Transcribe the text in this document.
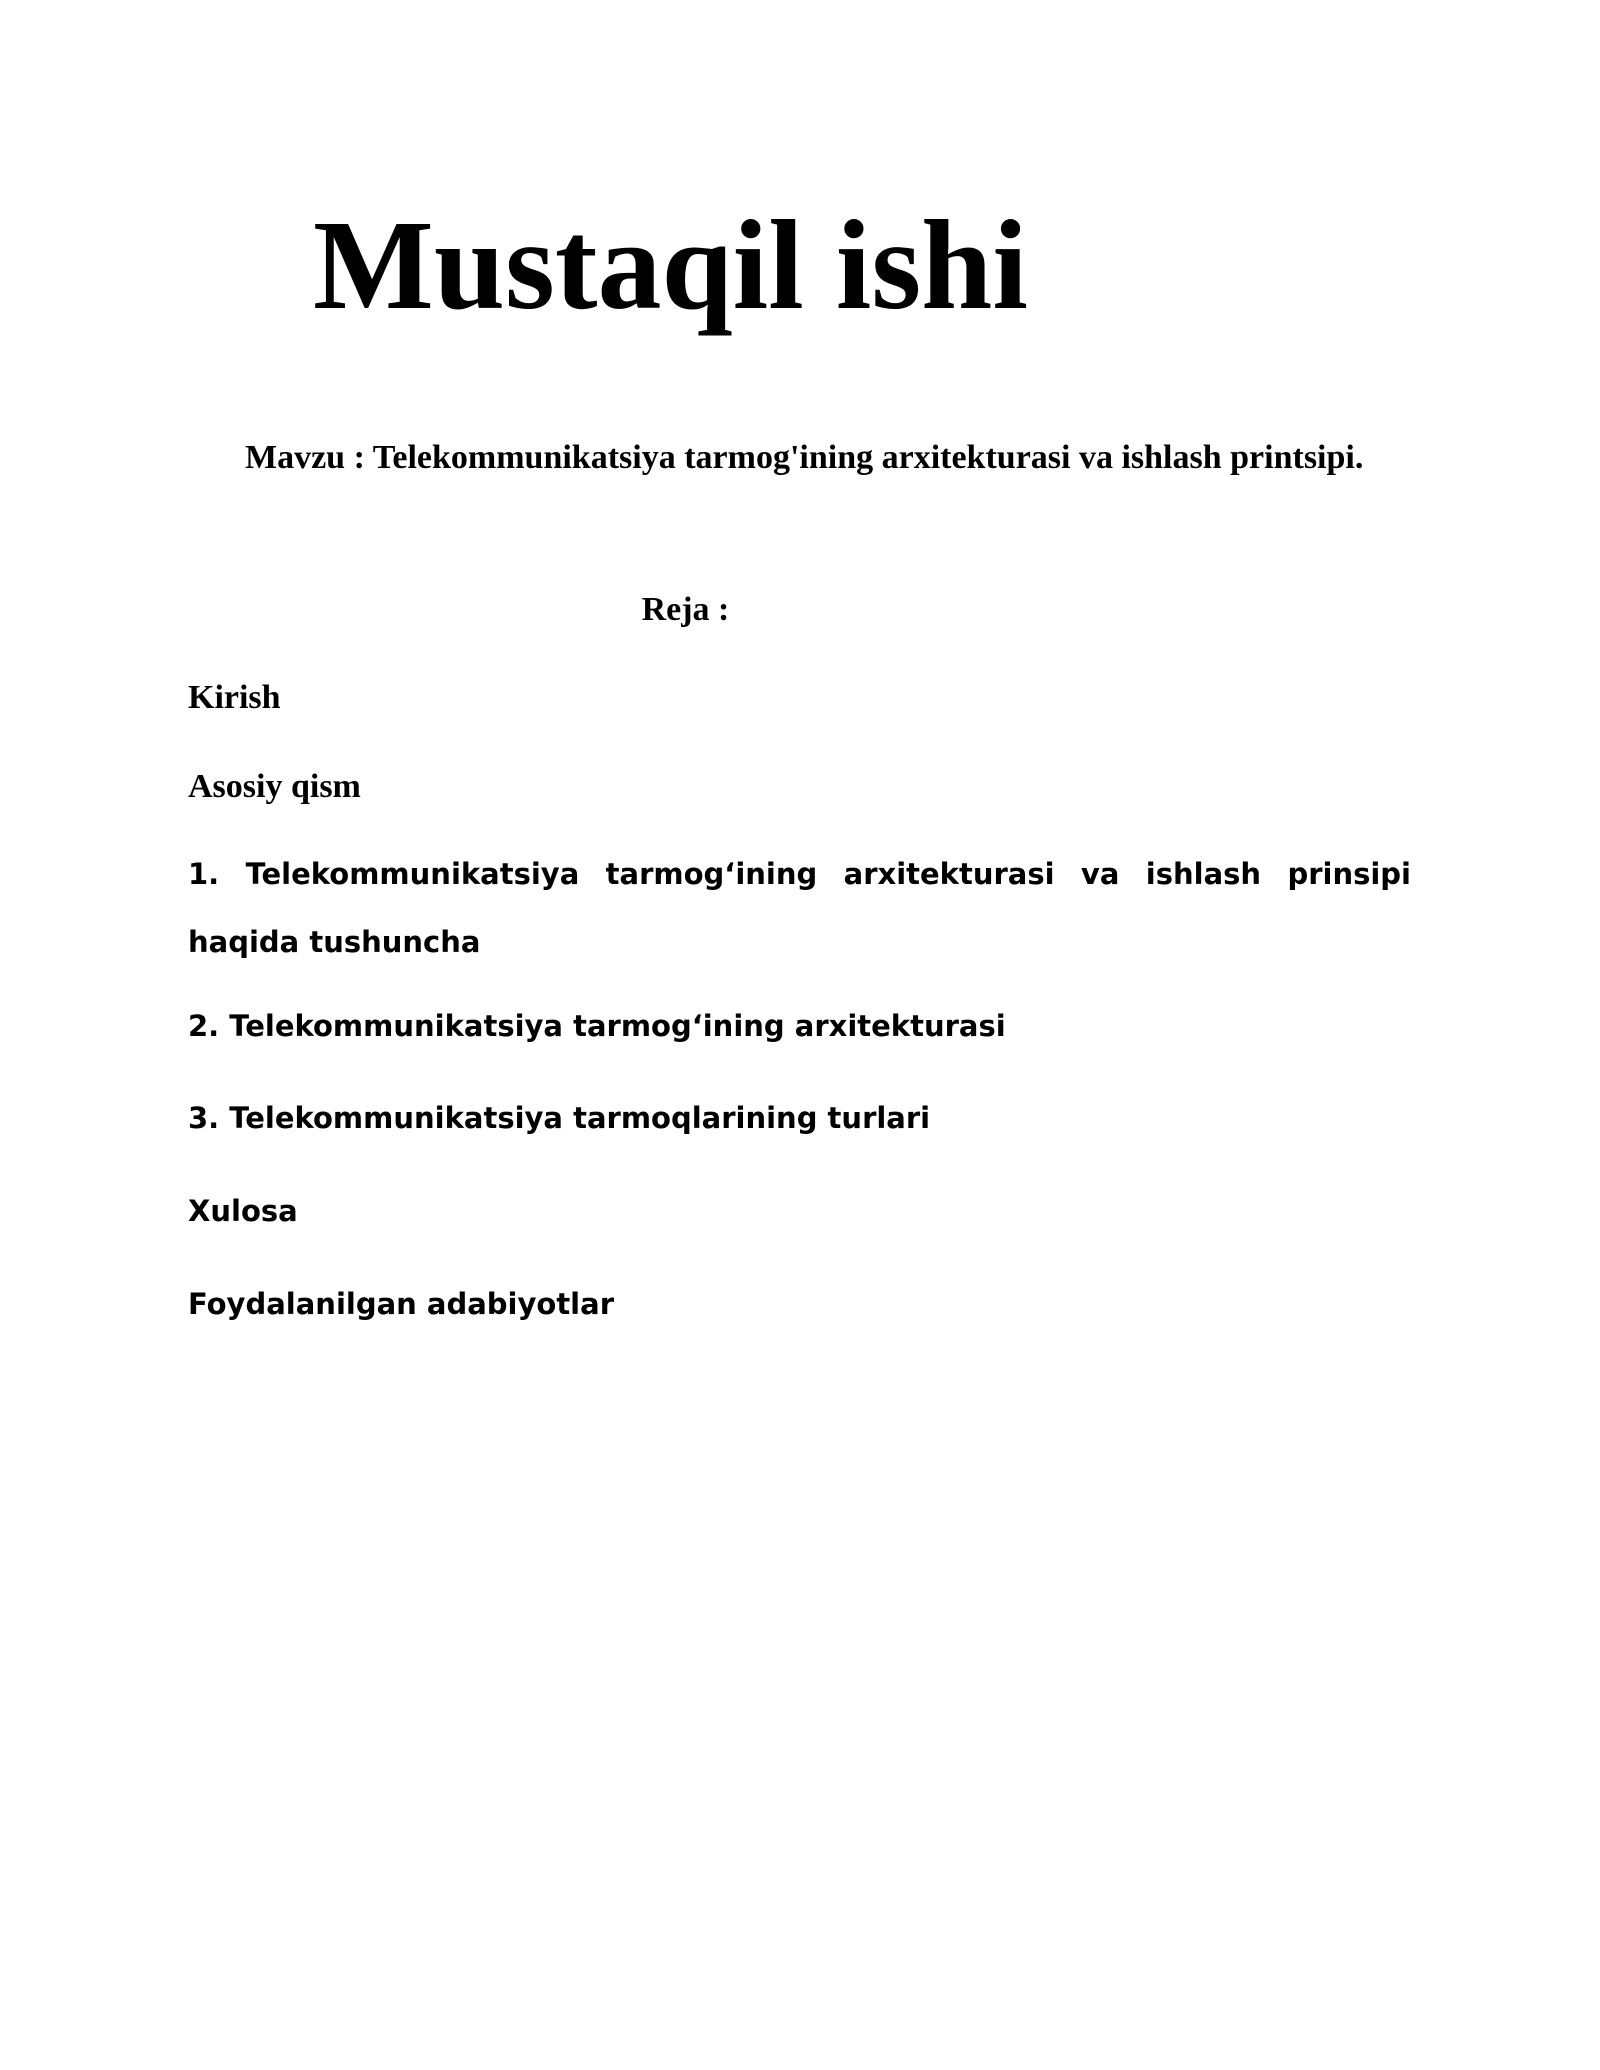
Mustaqil ishi

Mavzu : Telekommunikatsiya tarmog'ining arxitekturasi va ishlash printsipi.

Reja :
Kirish
Asosiy qism

1. Telekommunikatsiya tarmog‘ining arxitekturasi va ishlash prinsipi haqida tushuncha

2. Telekommunikatsiya tarmog‘ining arxitekturasi

3. Telekommunikatsiya tarmoqlarining turlari

Xulosa

Foydalanilgan adabiyotlar
